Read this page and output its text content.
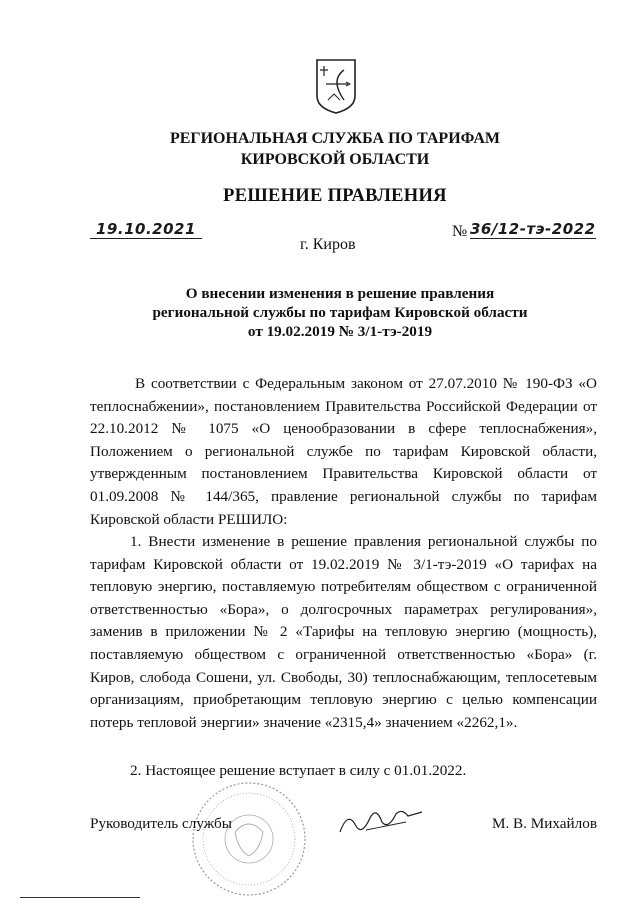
РЕГИОНАЛЬНАЯ СЛУЖБА ПО ТАРИФАМ
КИРОВСКОЙ ОБЛАСТИ
РЕШЕНИЕ ПРАВЛЕНИЯ
19.10.2021	№ 36/12-тэ-2022
г. Киров
О внесении изменения в решение правления
региональной службы по тарифам Кировской области
от 19.02.2019 № 3/1-тэ-2019
В соответствии с Федеральным законом от 27.07.2010 № 190-ФЗ «О теплоснабжении», постановлением Правительства Российской Федерации от 22.10.2012 № 1075 «О ценообразовании в сфере теплоснабжения», Положением о региональной службе по тарифам Кировской области, утвержденным постановлением Правительства Кировской области от 01.09.2008 № 144/365, правление региональной службы по тарифам Кировской области РЕШИЛО:
1. Внести изменение в решение правления региональной службы по тарифам Кировской области от 19.02.2019 № 3/1-тэ-2019 «О тарифах на тепловую энергию, поставляемую потребителям обществом с ограниченной ответственностью «Бора», о долгосрочных параметрах регулирования», заменив в приложении № 2 «Тарифы на тепловую энергию (мощность), поставляемую обществом с ограниченной ответственностью «Бора» (г. Киров, слобода Сошени, ул. Свободы, 30) теплоснабжающим, теплосетевым организациям, приобретающим тепловую энергию с целью компенсации потерь тепловой энергии» значение «2315,4» значением «2262,1».
2. Настоящее решение вступает в силу с 01.01.2022.
Руководитель службы	М. В. Михайлов
